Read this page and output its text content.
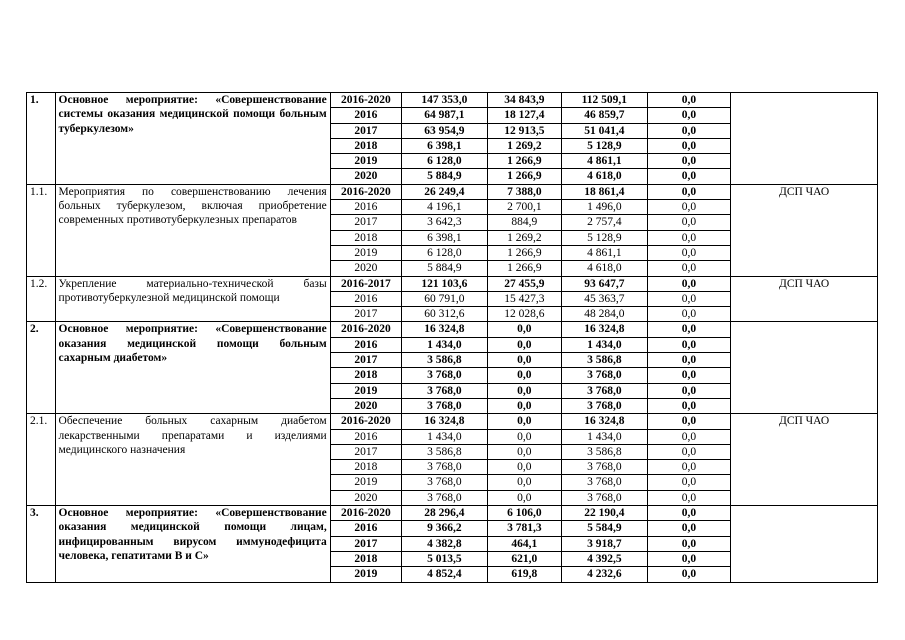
1.	Основное мероприятие: «Совершенствование системы оказания медицинской помощи больным туберкулезом»	2016-2020	147 353,0	34 843,9	112 509,1	0,0	
		2016	64 987,1	18 127,4	46 859,7	0,0	
		2017	63 954,9	12 913,5	51 041,4	0,0	
		2018	6 398,1	1 269,2	5 128,9	0,0	
		2019	6 128,0	1 266,9	4 861,1	0,0	
		2020	5 884,9	1 266,9	4 618,0	0,0	
1.1.	Мероприятия по совершенствованию лечения больных туберкулезом, включая приобретение современных противотуберкулезных препаратов	2016-2020	26 249,4	7 388,0	18 861,4	0,0	ДСП ЧАО
		2016	4 196,1	2 700,1	1 496,0	0,0	
		2017	3 642,3	884,9	2 757,4	0,0	
		2018	6 398,1	1 269,2	5 128,9	0,0	
		2019	6 128,0	1 266,9	4 861,1	0,0	
		2020	5 884,9	1 266,9	4 618,0	0,0	
1.2.	Укрепление материально-технической базы противотуберкулезной медицинской помощи	2016-2017	121 103,6	27 455,9	93 647,7	0,0	ДСП ЧАО
		2016	60 791,0	15 427,3	45 363,7	0,0	
		2017	60 312,6	12 028,6	48 284,0	0,0	
2.	Основное мероприятие: «Совершенствование оказания медицинской помощи больным сахарным диабетом»	2016-2020	16 324,8	0,0	16 324,8	0,0	
		2016	1 434,0	0,0	1 434,0	0,0	
		2017	3 586,8	0,0	3 586,8	0,0	
		2018	3 768,0	0,0	3 768,0	0,0	
		2019	3 768,0	0,0	3 768,0	0,0	
		2020	3 768,0	0,0	3 768,0	0,0	
2.1.	Обеспечение больных сахарным диабетом лекарственными препаратами и изделиями медицинского назначения	2016-2020	16 324,8	0,0	16 324,8	0,0	ДСП ЧАО
		2016	1 434,0	0,0	1 434,0	0,0	
		2017	3 586,8	0,0	3 586,8	0,0	
		2018	3 768,0	0,0	3 768,0	0,0	
		2019	3 768,0	0,0	3 768,0	0,0	
		2020	3 768,0	0,0	3 768,0	0,0	
3.	Основное мероприятие: «Совершенствование оказания медицинской помощи лицам, инфицированным вирусом иммунодефицита человека, гепатитами В и С»	2016-2020	28 296,4	6 106,0	22 190,4	0,0	
		2016	9 366,2	3 781,3	5 584,9	0,0	
		2017	4 382,8	464,1	3 918,7	0,0	
		2018	5 013,5	621,0	4 392,5	0,0	
		2019	4 852,4	619,8	4 232,6	0,0	
